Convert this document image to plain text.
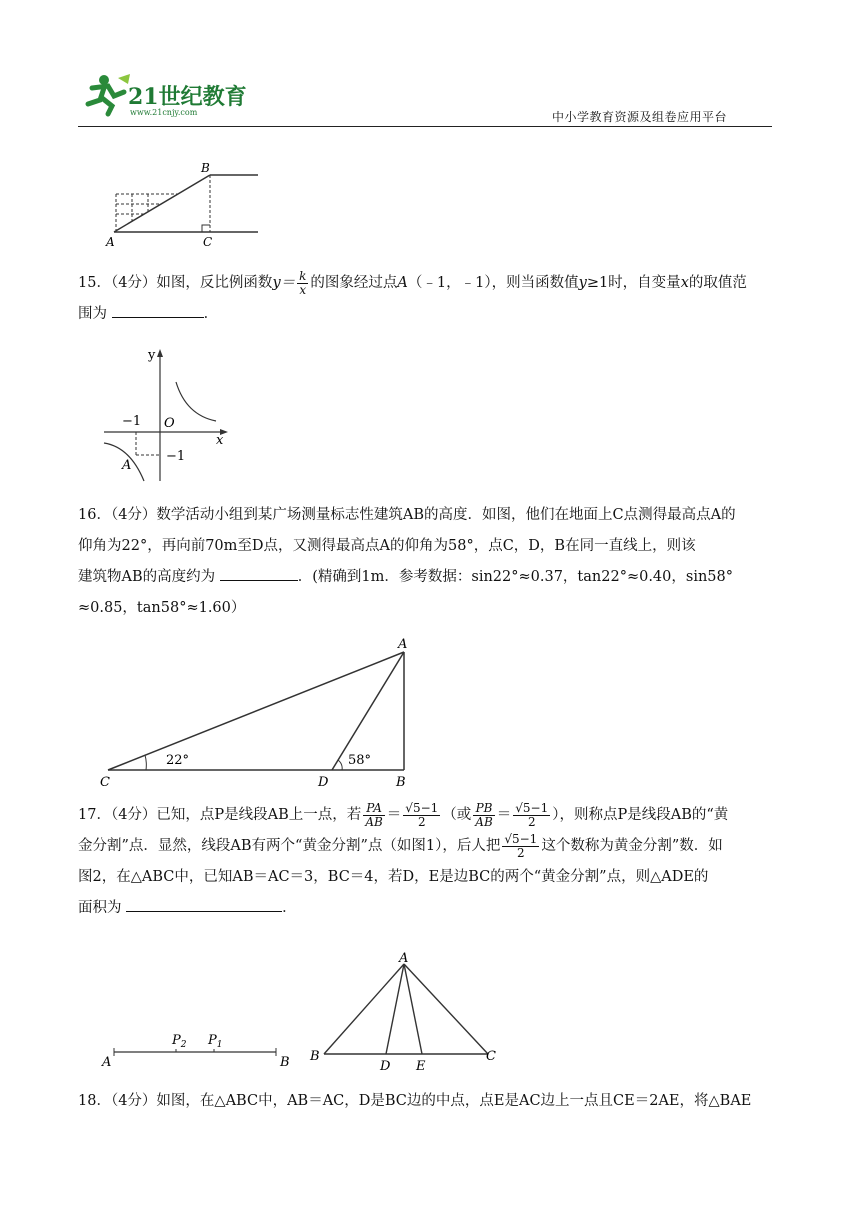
21世纪教育
www.21cnjy.com	中小学教育资源及组卷应用平台
B
A	C
15．（4分）如图，反比例函数$y= \frac{k}{x}$ 的图象经过点A（﹣1，﹣1），则当函数值y≥1时，自变量x的取值范
围为	．
y
x
O
−1
−1
A
16．（4分）数学活动小组到某广场测量标志性建筑AB的高度．如图，他们在地面上C点测得最高点A的
仰角为22°，再向前70m至D点，又测得最高点A的仰角为58°，点C，D，B在同一直线上，则该
建筑物AB的高度约为	．(精确到1m．参考数据：sin22°≈0.37，tan22°≈0.40，sin58°
≈0.85，tan58°≈1.60）
A
B
C	D
22°	58°
17．（4分）已知，点P是线段AB上一点，若 $\frac{PA}{AB} = \frac{√5-1}{2}$ （或 $\frac{PB}{AB} = \frac{√5-1}{2}$ ），则称点P是线段AB的“黄
金分割”点．显然，线段AB有两个“黄金分割”点（如图1），后人把 $\frac{√5-1}{2}$ 这个数称为黄金分割”数．如
图2，在△ABC中，已知AB＝AC＝3，BC＝4，若D，E是边BC的两个“黄金分割”点，则△ADE的
面积为	．
A	B
$P_2$ $P_1$
A
B	C
D E
18．（4分）如图，在△ABC中，AB＝AC，D是BC边的中点，点E是AC边上一点且CE＝2AE，将△BAE
